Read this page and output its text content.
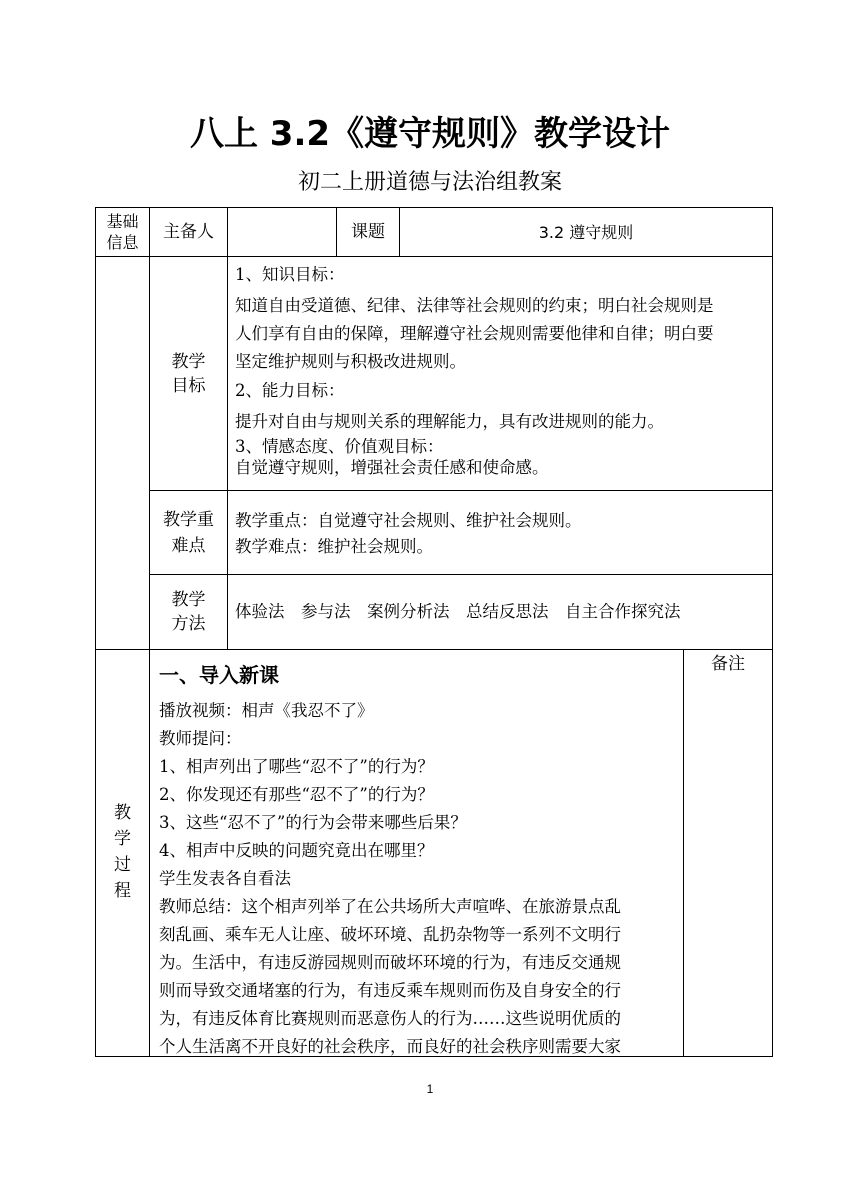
八上 3.2《遵守规则》教学设计
初二上册道德与法治组教案
基础
信息
主备人	课题	3.2 遵守规则
教学
目标

1、知识目标：

知道自由受道德、纪律、法律等社会规则的约束；明白社会规则是

人们享有自由的保障，理解遵守社会规则需要他律和自律；明白要

坚定维护规则与积极改进规则。

2、能力目标：

提升对自由与规则关系的理解能力，具有改进规则的能力。

3、情感态度、价值观目标：

自觉遵守规则，增强社会责任感和使命感。

教学重
难点

教学重点：自觉遵守社会规则、维护社会规则。

教学难点：维护社会规则。

教学
方法
体验法　参与法　案例分析法　总结反思法　自主合作探究法
教
学
过
程
备注

一、导入新课

播放视频：相声《我忍不了》

教师提问：

1、相声列出了哪些“忍不了”的行为？

2、你发现还有那些“忍不了”的行为？

3、这些“忍不了”的行为会带来哪些后果？

4、相声中反映的问题究竟出在哪里？

学生发表各自看法

教师总结：这个相声列举了在公共场所大声喧哗、在旅游景点乱

刻乱画、乘车无人让座、破坏环境、乱扔杂物等一系列不文明行

为。生活中，有违反游园规则而破坏环境的行为，有违反交通规

则而导致交通堵塞的行为，有违反乘车规则而伤及自身安全的行

为，有违反体育比赛规则而恶意伤人的行为……这些说明优质的

个人生活离不开良好的社会秩序，而良好的社会秩序则需要大家

1
